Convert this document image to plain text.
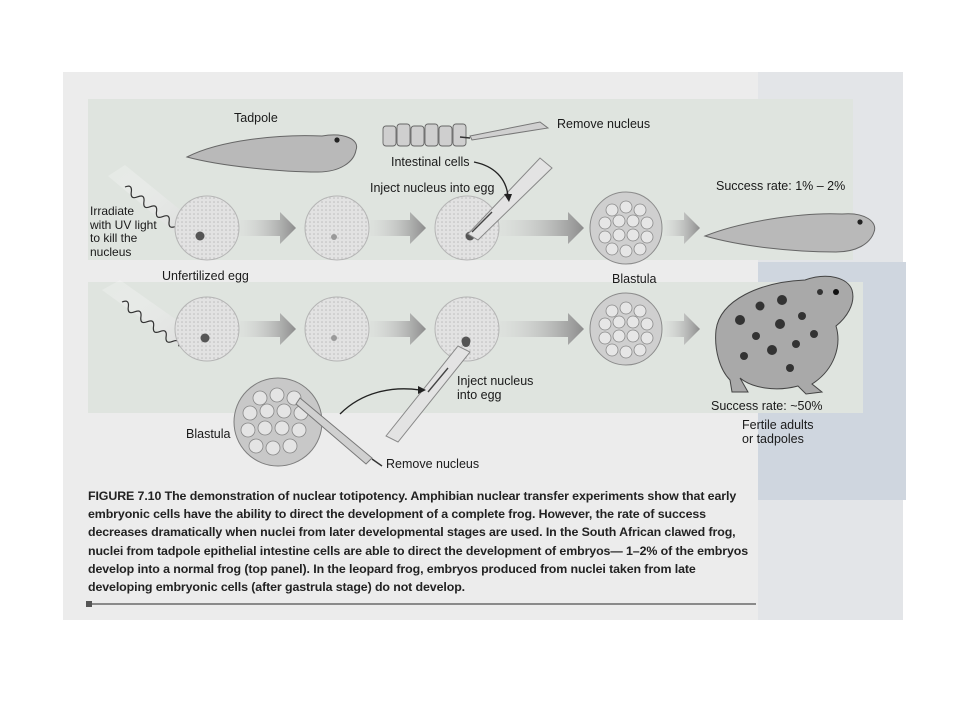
Tadpole	Remove nucleus
Intestinal cells
Inject nucleus into egg	Success rate: 1% – 2%
Irradiate
with UV light
to kill the
nucleus
Unfertilized egg	Blastula
Inject nucleus
into egg
Success rate: ~50%
Fertile adults
or tadpoles
Blastula
Remove nucleus
FIGURE 7.10 The demonstration of nuclear totipotency. Amphibian nuclear transfer experiments show that early embryonic cells have the ability to direct the development of a complete frog. However, the rate of success decreases dramatically when nuclei from later developmental stages are used. In the South African clawed frog, nuclei from tadpole epithelial intestine cells are able to direct the development of embryos— 1–2% of the embryos develop into a normal frog (top panel). In the leopard frog, embryos produced from nuclei taken from late developing embryonic cells (after gastrula stage) do not develop.
